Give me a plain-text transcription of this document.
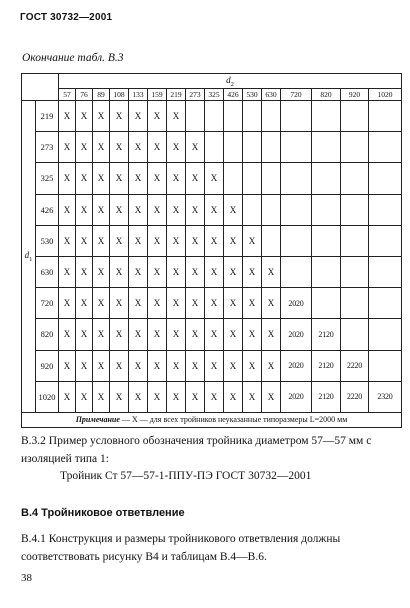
ГОСТ 30732—2001
Окончание табл. В.3
		$d_2$
		57	76	89	108	133	159	219	273	325	426	530	630	720	820	920	1020
$d_1$	219	X	X	X	X	X	X	X									
	273	X	X	X	X	X	X	X	X								
	325	X	X	X	X	X	X	X	X	X							
	426	X	X	X	X	X	X	X	X	X	X						
	530	X	X	X	X	X	X	X	X	X	X	X					
	630	X	X	X	X	X	X	X	X	X	X	X	X				
	720	X	X	X	X	X	X	X	X	X	X	X	X	2020			
	820	X	X	X	X	X	X	X	X	X	X	X	X	2020	2120		
	920	X	X	X	X	X	X	X	X	X	X	X	X	2020	2120	2220	
	1020	X	X	X	X	X	X	X	X	X	X	X	X	2020	2120	2220	2320
Примечание — X — для всех тройников неуказанные типоразмеры L=2000 мм																	
В.3.2 Пример условного обозначения тройника диаметром 57—57 мм с изоляцией типа 1:
Тройник Ст 57—57-1-ППУ-ПЭ ГОСТ 30732—2001
В.4 Тройниковое ответвление
В.4.1 Конструкция и размеры тройникового ответвления должны соответствовать рисунку В4 и таблицам В.4—В.6.
38
